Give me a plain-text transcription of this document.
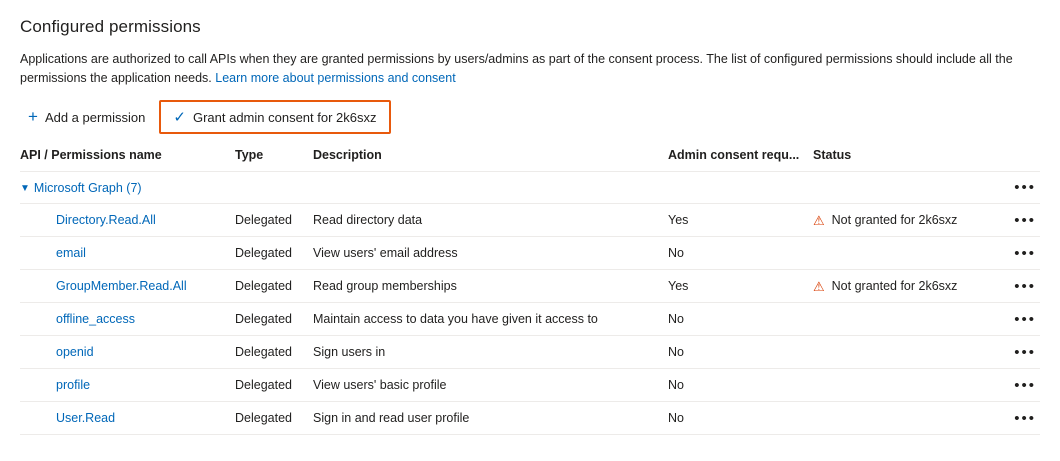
Configured permissions
Applications are authorized to call APIs when they are granted permissions by users/admins as part of the consent process. The list of configured permissions should include all the permissions the application needs. Learn more about permissions and consent
+ Add a permission ✓ Grant admin consent for 2k6sxz
API / Permissions name	Type	Description	Admin consent requ...	Status	

▼ Microsoft Graph (7)					•••

Directory.Read.All	Delegated	Read directory data	Yes	⚠ Not granted for 2k6sxz	•••

email	Delegated	View users' email address	No		•••

GroupMember.Read.All	Delegated	Read group memberships	Yes	⚠ Not granted for 2k6sxz	•••

offline_access	Delegated	Maintain access to data you have given it access to	No		•••

openid	Delegated	Sign users in	No		•••

profile	Delegated	View users' basic profile	No		•••

User.Read	Delegated	Sign in and read user profile	No		•••
